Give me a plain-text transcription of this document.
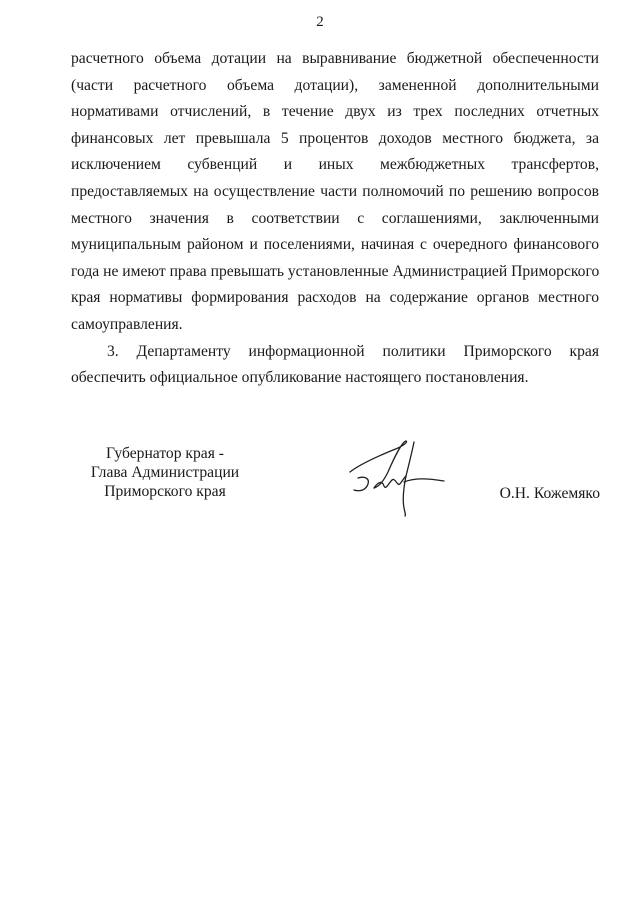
2
расчетного объема дотации на выравнивание бюджетной обеспеченности
(части расчетного объема дотации), замененной дополнительными
нормативами отчислений, в течение двух из трех последних отчетных
финансовых лет превышала 5 процентов доходов местного бюджета, за
исключением субвенций и иных межбюджетных трансфертов,
предоставляемых на осуществление части полномочий по решению вопросов
местного значения в соответствии с соглашениями, заключенными
муниципальным районом и поселениями, начиная с очередного финансового
года не имеют права превышать установленные Администрацией Приморского
края нормативы формирования расходов на содержание органов местного
самоуправления.
3. Департаменту информационной политики Приморского края
обеспечить официальное опубликование настоящего постановления.
Губернатор края -
Глава Администрации
Приморского края	О.Н. Кожемяко
